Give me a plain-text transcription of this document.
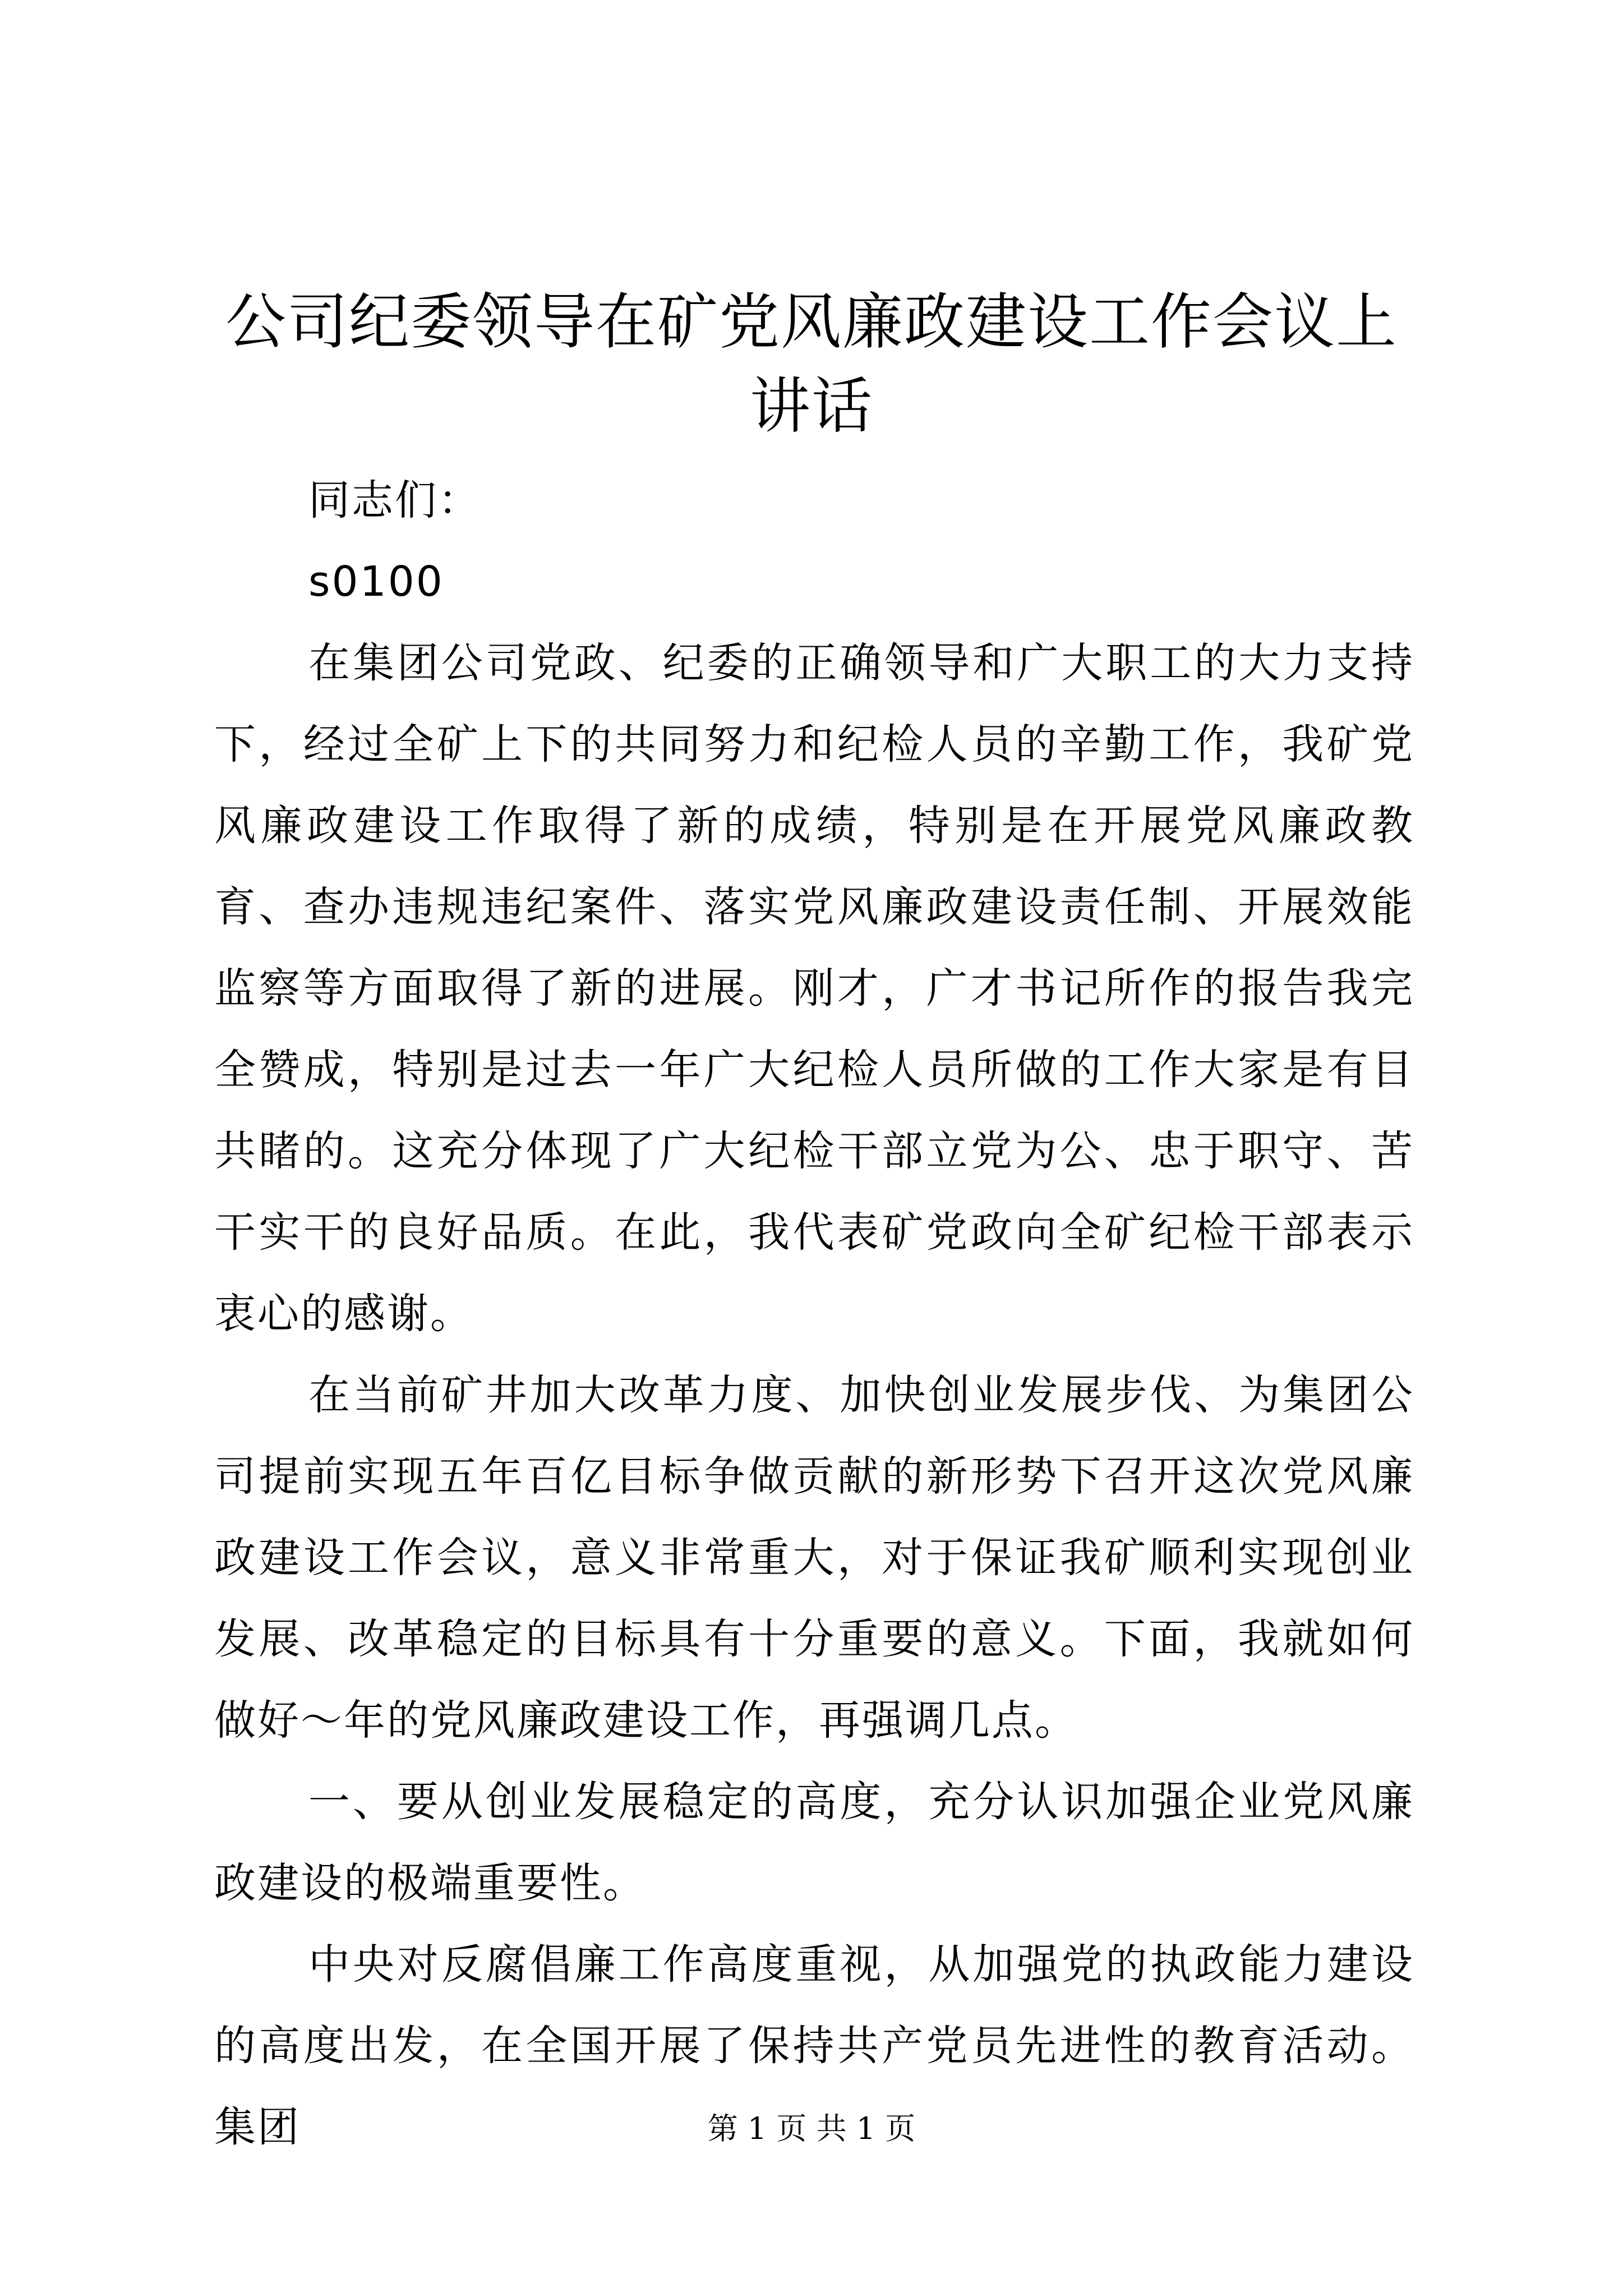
公司纪委领导在矿党风廉政建设工作会议上讲话

同志们：

s0100

在集团公司党政、纪委的正确领导和广大职工的大力支持下，经过全矿上下的共同努力和纪检人员的辛勤工作，我矿党风廉政建设工作取得了新的成绩，特别是在开展党风廉政教育、查办违规违纪案件、落实党风廉政建设责任制、开展效能监察等方面取得了新的进展。刚才，广才书记所作的报告我完全赞成，特别是过去一年广大纪检人员所做的工作大家是有目共睹的。这充分体现了广大纪检干部立党为公、忠于职守、苦干实干的良好品质。在此，我代表矿党政向全矿纪检干部表示衷心的感谢。

在当前矿井加大改革力度、加快创业发展步伐、为集团公司提前实现五年百亿目标争做贡献的新形势下召开这次党风廉政建设工作会议，意义非常重大，对于保证我矿顺利实现创业发展、改革稳定的目标具有十分重要的意义。下面，我就如何做好～年的党风廉政建设工作，再强调几点。

一、要从创业发展稳定的高度，充分认识加强企业党风廉政建设的极端重要性。

中央对反腐倡廉工作高度重视，从加强党的执政能力建设的高度出发，在全国开展了保持共产党员先进性的教育活动。集团	第 1 页 共 1 页
